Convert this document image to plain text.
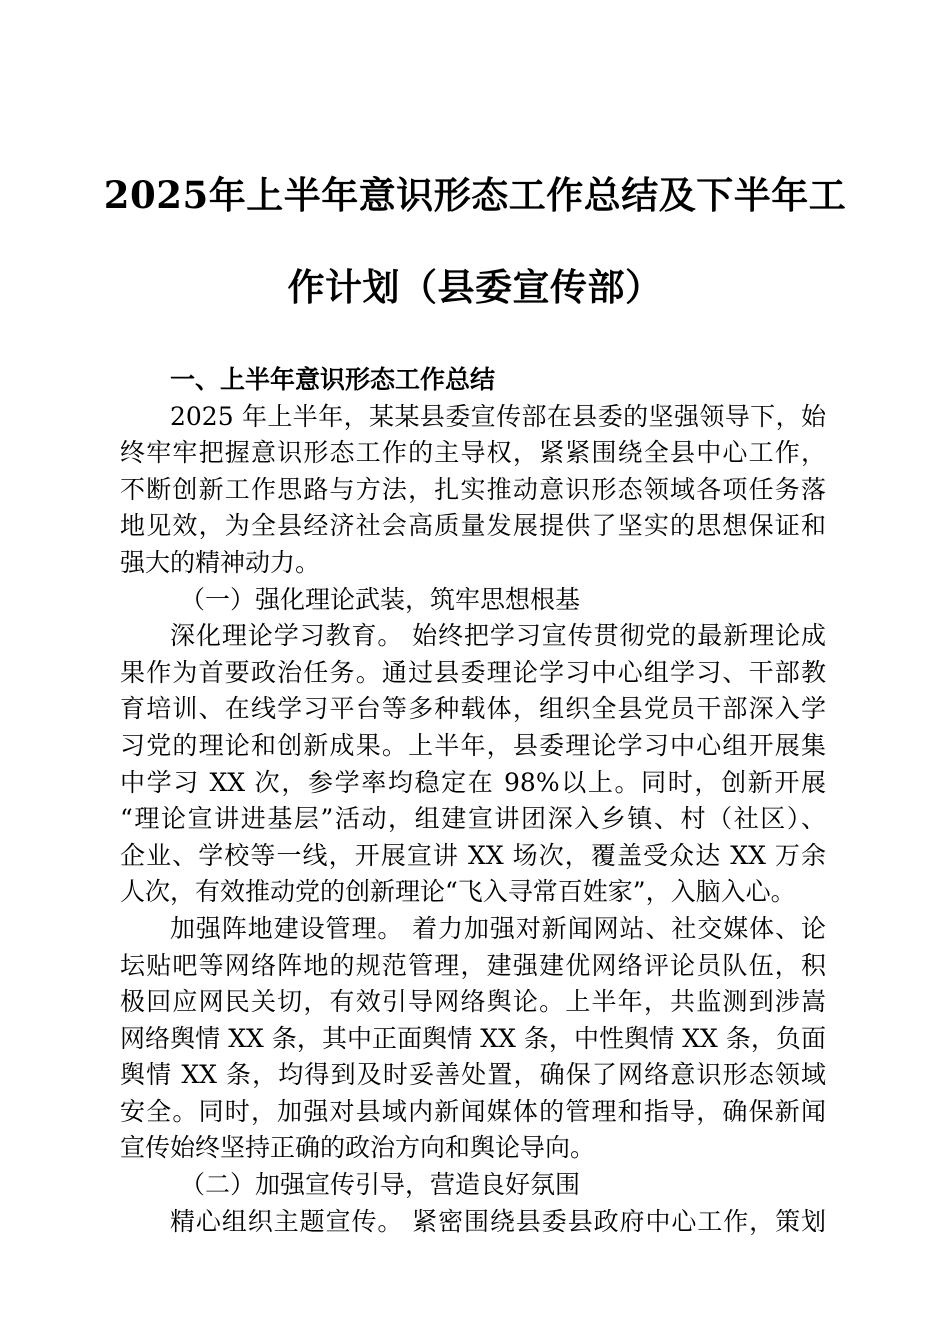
2025年上半年意识形态工作总结及下半年工
作计划（县委宣传部）
一、上半年意识形态工作总结
2025 年上半年，某某县委宣传部在县委的坚强领导下，始
终牢牢把握意识形态工作的主导权，紧紧围绕全县中心工作，
不断创新工作思路与方法，扎实推动意识形态领域各项任务落
地见效，为全县经济社会高质量发展提供了坚实的思想保证和
强大的精神动力。
（一）强化理论武装，筑牢思想根基
深化理论学习教育。 始终把学习宣传贯彻党的最新理论成
果作为首要政治任务。通过县委理论学习中心组学习、干部教
育培训、在线学习平台等多种载体，组织全县党员干部深入学
习党的理论和创新成果。上半年，县委理论学习中心组开展集
中学习 XX 次，参学率均稳定在 98%以上。同时，创新开展
“理论宣讲进基层”活动，组建宣讲团深入乡镇、村（社区）、
企业、学校等一线，开展宣讲 XX 场次，覆盖受众达 XX 万余
人次，有效推动党的创新理论“飞入寻常百姓家”，入脑入心。
加强阵地建设管理。 着力加强对新闻网站、社交媒体、论
坛贴吧等网络阵地的规范管理，建强建优网络评论员队伍，积
极回应网民关切，有效引导网络舆论。上半年，共监测到涉嵩
网络舆情 XX 条，其中正面舆情 XX 条，中性舆情 XX 条，负面
舆情 XX 条，均得到及时妥善处置，确保了网络意识形态领域
安全。同时，加强对县域内新闻媒体的管理和指导，确保新闻
宣传始终坚持正确的政治方向和舆论导向。
（二）加强宣传引导，营造良好氛围
精心组织主题宣传。 紧密围绕县委县政府中心工作，策划
